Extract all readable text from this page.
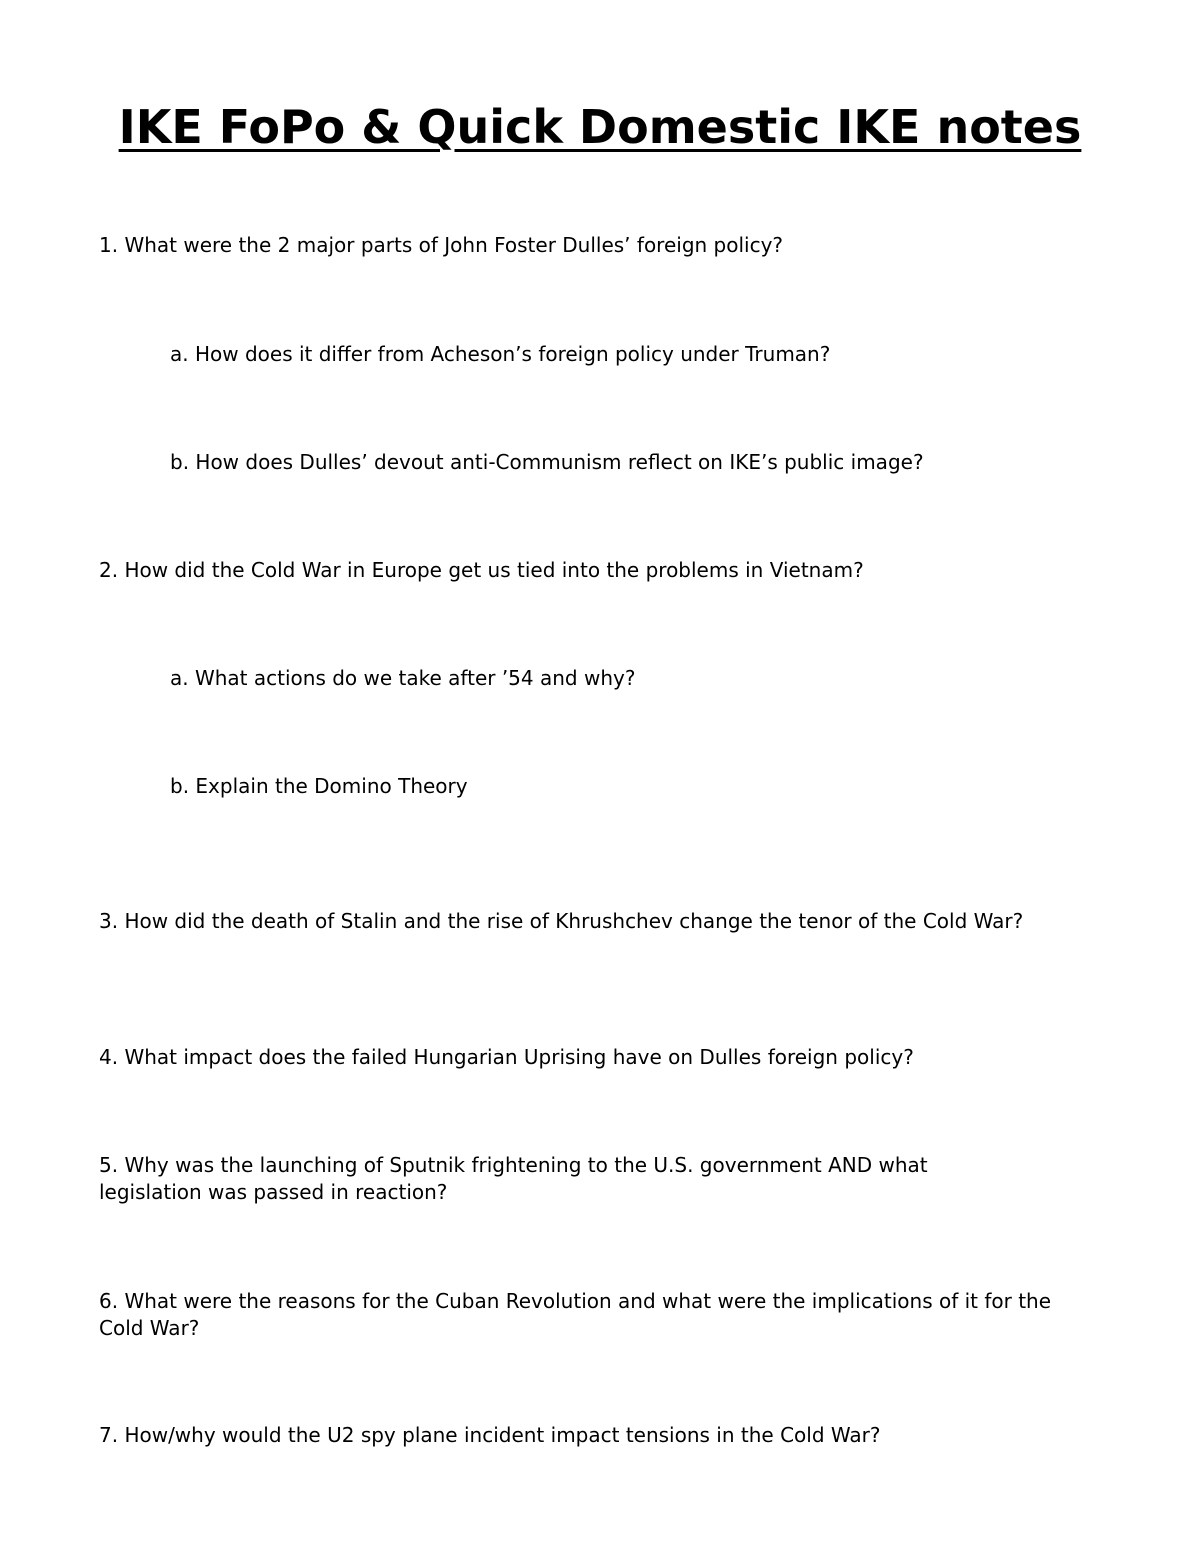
IKE FoPo & Quick Domestic IKE notes

1. What were the 2 major parts of John Foster Dulles’ foreign policy?

a. How does it differ from Acheson’s foreign policy under Truman?

b. How does Dulles’ devout anti-Communism reflect on IKE’s public image?

2. How did the Cold War in Europe get us tied into the problems in Vietnam?

a. What actions do we take after ’54 and why?

b. Explain the Domino Theory

3. How did the death of Stalin and the rise of Khrushchev change the tenor of the Cold War?

4. What impact does the failed Hungarian Uprising have on Dulles foreign policy?

5. Why was the launching of Sputnik frightening to the U.S. government AND what legislation was passed in reaction?

6. What were the reasons for the Cuban Revolution and what were the implications of it for the Cold War?

7. How/why would the U2 spy plane incident impact tensions in the Cold War?
